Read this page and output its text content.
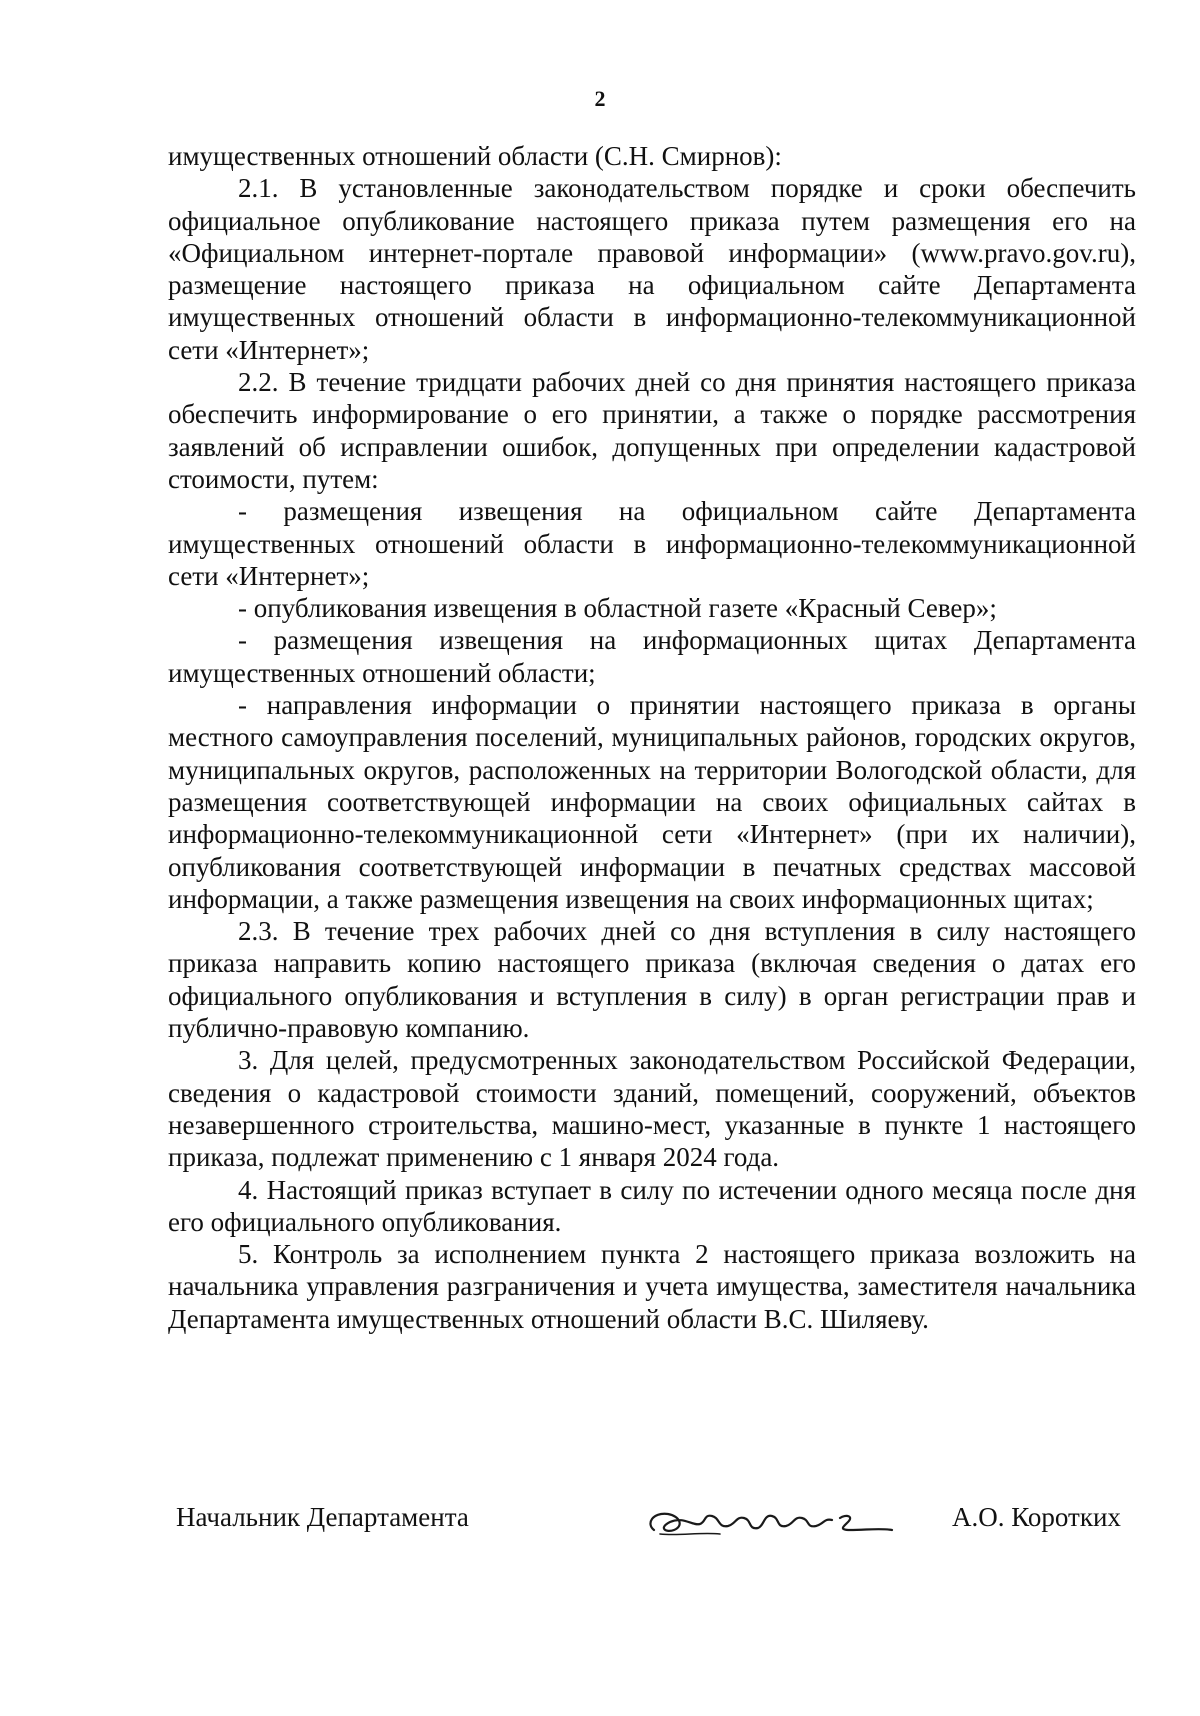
2

имущественных отношений области (С.Н. Смирнов):

2.1. В установленные законодательством порядке и сроки обеспечить официальное опубликование настоящего приказа путем размещения его на «Официальном интернет-портале правовой информации» (www.pravo.gov.ru), размещение настоящего приказа на официальном сайте Департамента имущественных отношений области в информационно-телекоммуникационной сети «Интернет»;

2.2. В течение тридцати рабочих дней со дня принятия настоящего приказа обеспечить информирование о его принятии, а также о порядке рассмотрения заявлений об исправлении ошибок, допущенных при определении кадастровой стоимости, путем:

- размещения извещения на официальном сайте Департамента имущественных отношений области в информационно-телекоммуникационной сети «Интернет»;

- опубликования извещения в областной газете «Красный Север»;

- размещения извещения на информационных щитах Департамента имущественных отношений области;

- направления информации о принятии настоящего приказа в органы местного самоуправления поселений, муниципальных районов, городских округов, муниципальных округов, расположенных на территории Вологодской области, для размещения соответствующей информации на своих официальных сайтах в информационно-телекоммуникационной сети «Интернет» (при их наличии), опубликования соответствующей информации в печатных средствах массовой информации, а также размещения извещения на своих информационных щитах;

2.3. В течение трех рабочих дней со дня вступления в силу настоящего приказа направить копию настоящего приказа (включая сведения о датах его официального опубликования и вступления в силу) в орган регистрации прав и публично-правовую компанию.

3. Для целей, предусмотренных законодательством Российской Федерации, сведения о кадастровой стоимости зданий, помещений, сооружений, объектов незавершенного строительства, машино-мест, указанные в пункте 1 настоящего приказа, подлежат применению с 1 января 2024 года.

4. Настоящий приказ вступает в силу по истечении одного месяца после дня его официального опубликования.

5. Контроль за исполнением пункта 2 настоящего приказа возложить на начальника управления разграничения и учета имущества, заместителя начальника Департамента имущественных отношений области В.С. Шиляеву.

Начальник Департамента	А.О. Коротких
